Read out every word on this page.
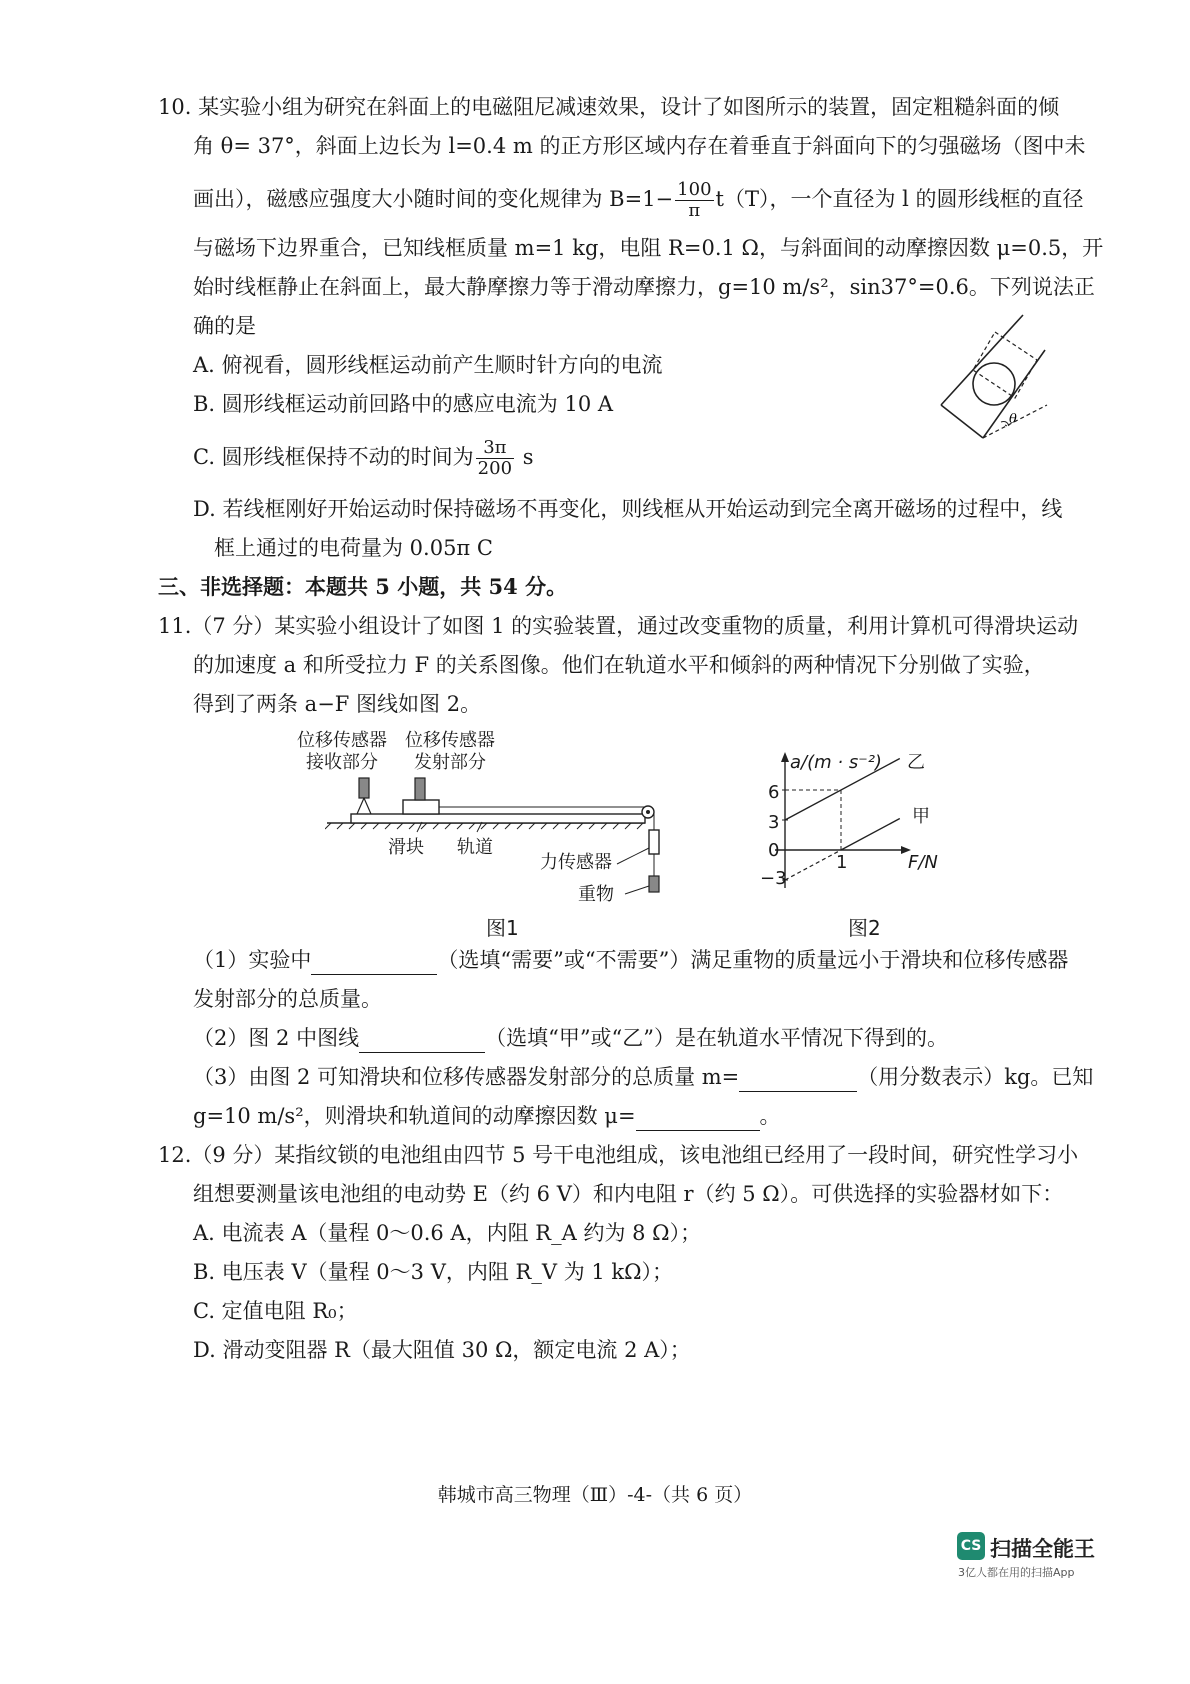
10. 某实验小组为研究在斜面上的电磁阻尼减速效果，设计了如图所示的装置，固定粗糙斜面的倾
角 θ= 37°，斜面上边长为 l=0.4 m 的正方形区域内存在着垂直于斜面向下的匀强磁场（图中未
画出），磁感应强度大小随时间的变化规律为 $B=1- \frac{100}{\pi} t(T)$，一个直径为 l 的圆形线框的直径
与磁场下边界重合，已知线框质量 m=1 kg，电阻 R=0.1 Ω，与斜面间的动摩擦因数 μ=0.5，开
始时线框静止在斜面上，最大静摩擦力等于滑动摩擦力，g=10 m/s²，sin37°=0.6。下列说法正
确的是
A. 俯视看，圆形线框运动前产生顺时针方向的电流
B. 圆形线框运动前回路中的感应电流为 10 A
C. 圆形线框保持不动的时间为 $\frac{3\pi}{200}$ s
D. 若线框刚好开始运动时保持磁场不再变化，则线框从开始运动到完全离开磁场的过程中，线
框上通过的电荷量为 0.05π C
θ
三、非选择题：本题共 5 小题，共 54 分。
11.（7 分）某实验小组设计了如图 1 的实验装置，通过改变重物的质量，利用计算机可得滑块运动
的加速度 a 和所受拉力 F 的关系图像。他们在轨道水平和倾斜的两种情况下分别做了实验，
得到了两条 a−F 图线如图 2。
位移传感器
接收部分
位移传感器
发射部分
滑块 轨道
力传感器
重物
图1
a/(m · s⁻²)
F/N
6
3
0
−3
1
乙
甲
图2
（1）实验中	（选填“需要”或“不需要”）满足重物的质量远小于滑块和位移传感器
发射部分的总质量。
（2）图 2 中图线	（选填“甲”或“乙”）是在轨道水平情况下得到的。
（3）由图 2 可知滑块和位移传感器发射部分的总质量 m=	（用分数表示）kg。已知
g=10 m/s²，则滑块和轨道间的动摩擦因数 μ=	。
12.（9 分）某指纹锁的电池组由四节 5 号干电池组成，该电池组已经用了一段时间，研究性学习小
组想要测量该电池组的电动势 E（约 6 V）和内电阻 r（约 5 Ω）。可供选择的实验器材如下：
A. 电流表 A（量程 0～0.6 A，内阻 R_A 约为 8 Ω）；
B. 电压表 V（量程 0～3 V，内阻 R_V 为 1 kΩ）；
C. 定值电阻 R₀；
D. 滑动变阻器 R（最大阻值 30 Ω，额定电流 2 A）；
韩城市高三物理（Ⅲ）-4-（共 6 页）
CS 扫描全能王
3亿人都在用的扫描App
